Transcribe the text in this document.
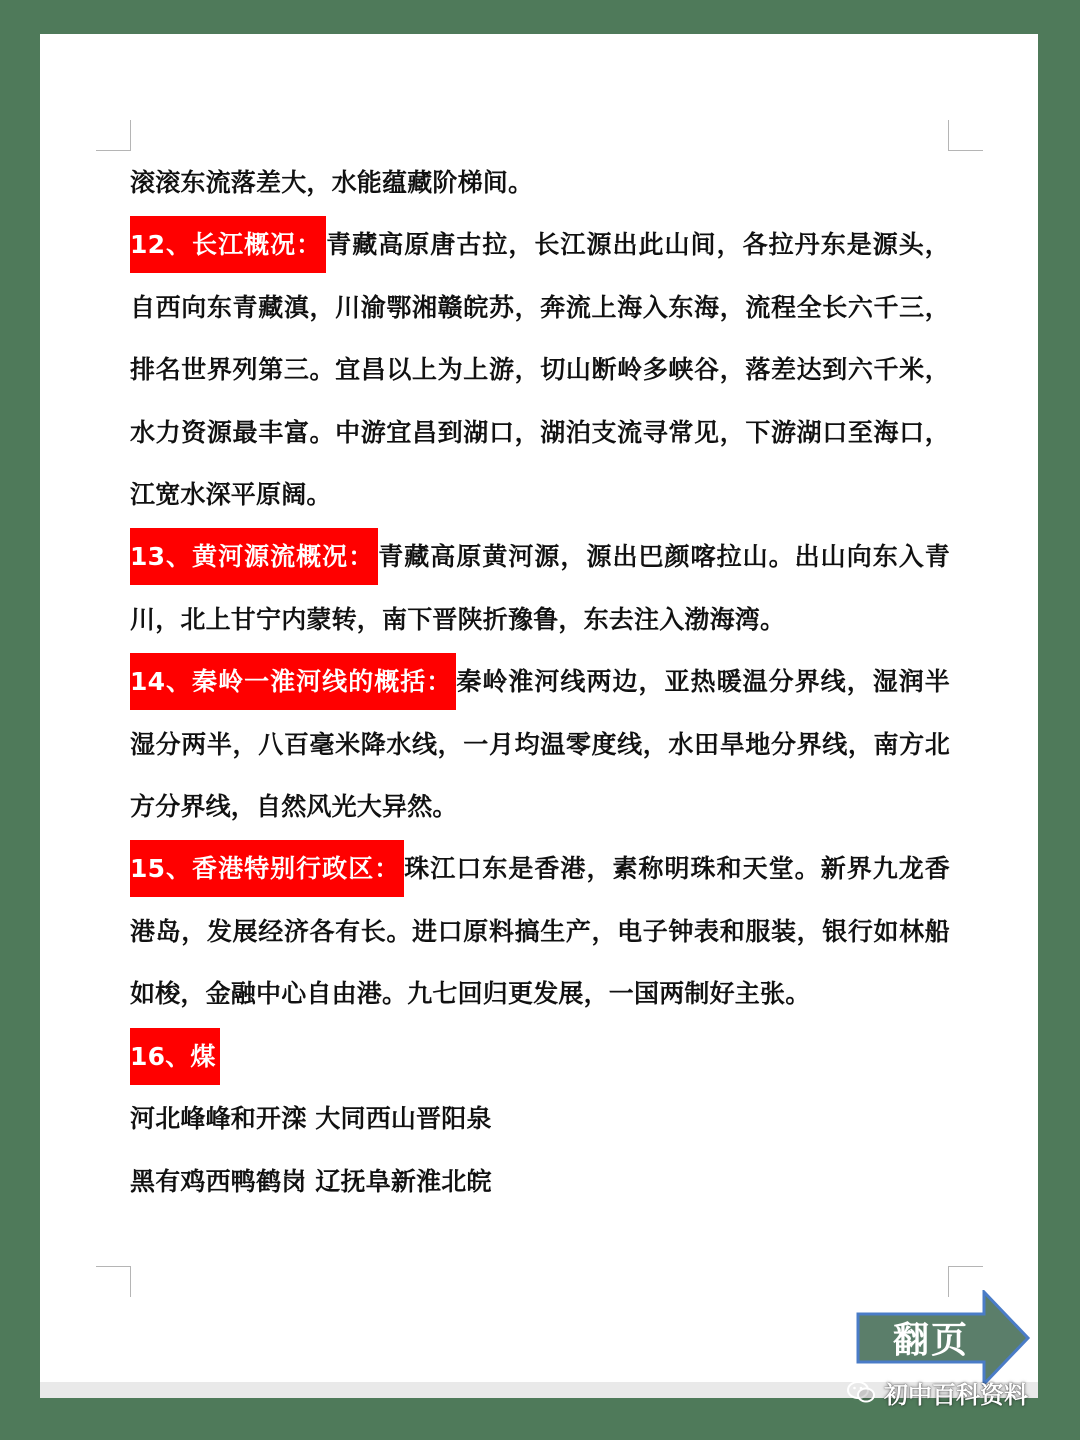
滚滚东流落差大，水能蕴藏阶梯间。

12、长江概况： 青藏高原唐古拉，长江源出此山间，各拉丹东是源头，自西向东青藏滇，川渝鄂湘赣皖苏，奔流上海入东海，流程全长六千三，排名世界列第三。宜昌以上为上游，切山断岭多峡谷，落差达到六千米，水力资源最丰富。中游宜昌到湖口，湖泊支流寻常见，下游湖口至海口，江宽水深平原阔。

13、黄河源流概况： 青藏高原黄河源，源出巴颜喀拉山。出山向东入青川，北上甘宁内蒙转，南下晋陕折豫鲁，东去注入渤海湾。

14、秦岭一淮河线的概括： 秦岭淮河线两边，亚热暖温分界线，湿润半湿分两半，八百毫米降水线，一月均温零度线，水田旱地分界线，南方北方分界线，自然风光大异然。

15、香港特别行政区： 珠江口东是香港，素称明珠和天堂。新界九龙香港岛，发展经济各有长。进口原料搞生产，电子钟表和服装，银行如林船如梭，金融中心自由港。九七回归更发展，一国两制好主张。

16、煤

河北峰峰和开滦 大同西山晋阳泉
黑有鸡西鸭鹤岗 辽抚阜新淮北皖
翻页
初中百科资料
